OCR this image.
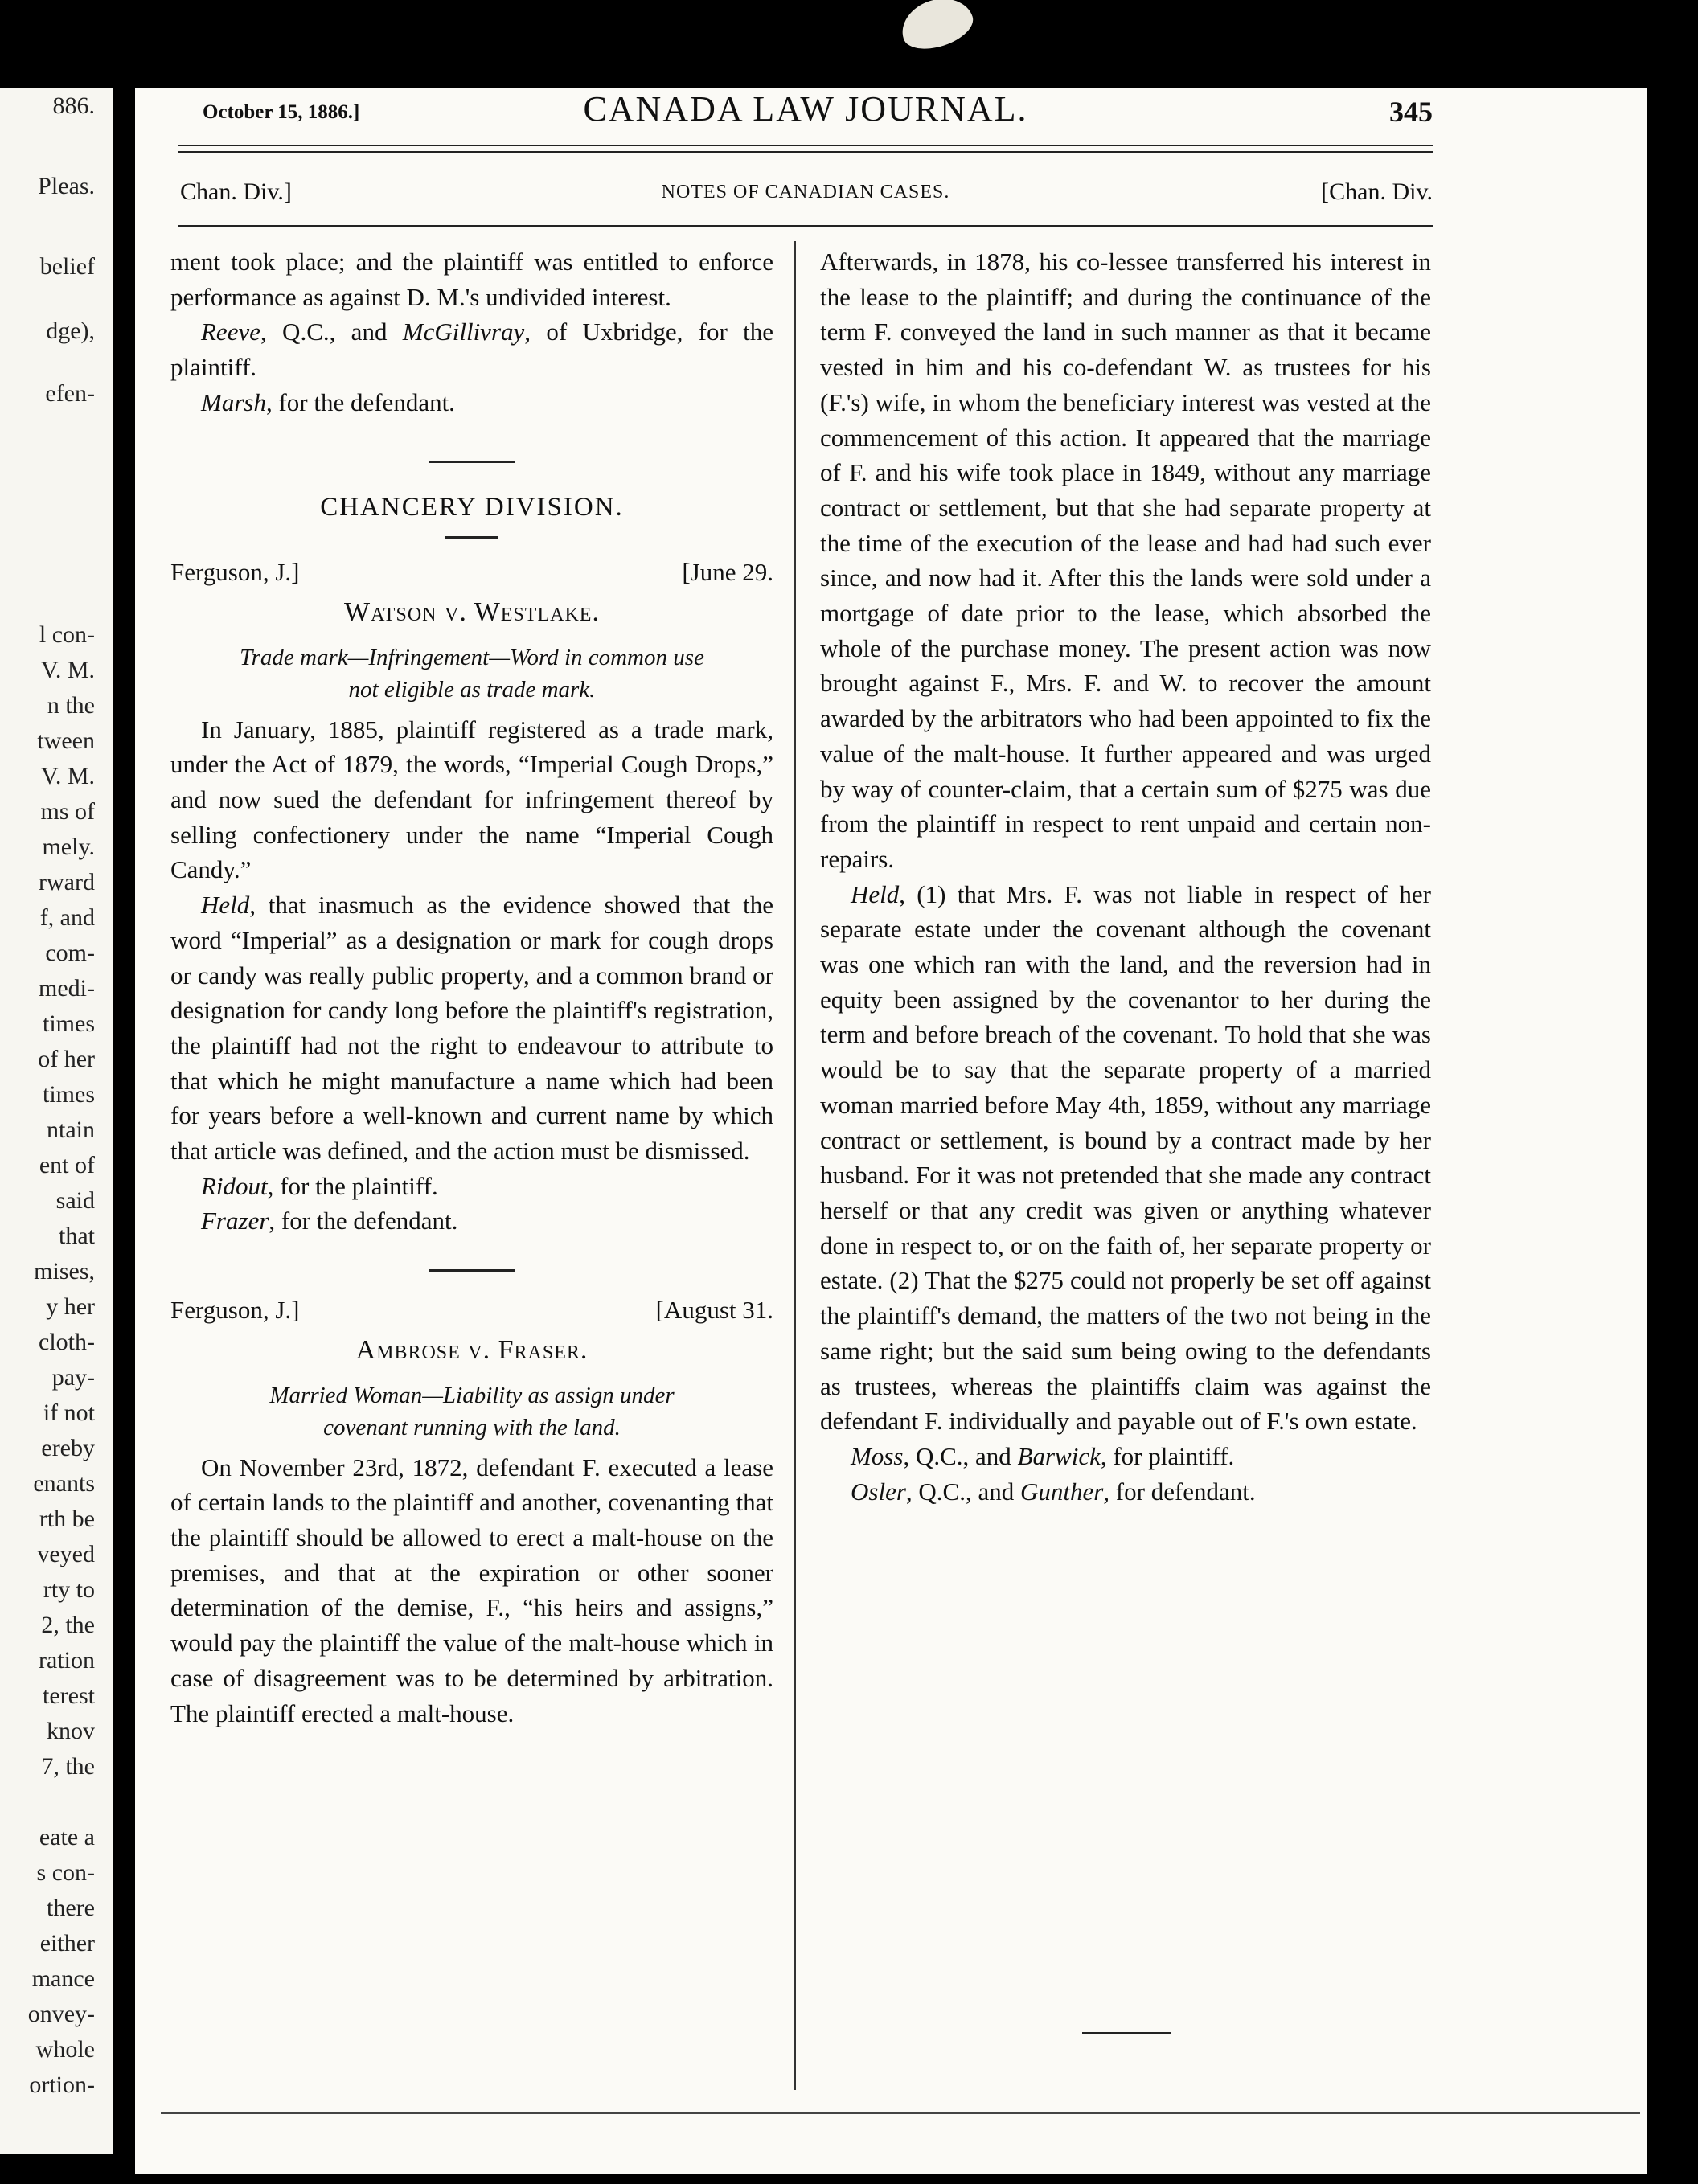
886.
Pleas.
belief
dge),
efen-
l con-
V. M.
n the
tween
V. M.
ms of
mely.
rward
f, and
com-
medi-
times
of her
times
ntain
ent of
said
that
mises,
y her
cloth-
pay-
if not
ereby
enants
rth be
veyed
rty to
2, the
ration
terest
knov
7, the
eate a
s con-
there
either
mance
onvey-
whole
ortion-
October 15, 1886.]	CANADA LAW JOURNAL.	345
Chan. Div.]	NOTES OF CANADIAN CASES.	[Chan. Div.

ment took place; and the plaintiff was entitled to enforce performance as against D. M.'s undivided interest.

Reeve, Q.C., and McGillivray, of Uxbridge, for the plaintiff.

Marsh, for the defendant.

CHANCERY DIVISION.
Ferguson, J.]	[June 29.
Watson v. Westlake.
Trade mark—Infringement—Word in common use
not eligible as trade mark.

In January, 1885, plaintiff registered as a trade mark, under the Act of 1879, the words, “Imperial Cough Drops,” and now sued the defendant for infringement thereof by selling confectionery under the name “Imperial Cough Candy.”

Held, that inasmuch as the evidence showed that the word “Imperial” as a designation or mark for cough drops or candy was really public property, and a common brand or designation for candy long before the plaintiff's registration, the plaintiff had not the right to endeavour to attribute to that which he might manufacture a name which had been for years before a well-known and current name by which that article was defined, and the action must be dismissed.

Ridout, for the plaintiff.

Frazer, for the defendant.

Ferguson, J.]	[August 31.
Ambrose v. Fraser.
Married Woman—Liability as assign under
covenant running with the land.

On November 23rd, 1872, defendant F. executed a lease of certain lands to the plaintiff and another, covenanting that the plaintiff should be allowed to erect a malt-house on the premises, and that at the expiration or other sooner determination of the demise, F., “his heirs and assigns,” would pay the plaintiff the value of the malt-house which in case of disagreement was to be determined by arbitration. The plaintiff erected a malt-house.

Afterwards, in 1878, his co-lessee transferred his interest in the lease to the plaintiff; and during the continuance of the term F. conveyed the land in such manner as that it became vested in him and his co-defendant W. as trustees for his (F.'s) wife, in whom the beneficiary interest was vested at the commencement of this action. It appeared that the marriage of F. and his wife took place in 1849, without any marriage contract or settlement, but that she had separate property at the time of the execution of the lease and had had such ever since, and now had it. After this the lands were sold under a mortgage of date prior to the lease, which absorbed the whole of the purchase money. The present action was now brought against F., Mrs. F. and W. to recover the amount awarded by the arbitrators who had been appointed to fix the value of the malt-house. It further appeared and was urged by way of counter-claim, that a certain sum of $275 was due from the plaintiff in respect to rent unpaid and certain non-repairs.

Held, (1) that Mrs. F. was not liable in respect of her separate estate under the covenant although the covenant was one which ran with the land, and the reversion had in equity been assigned by the covenantor to her during the term and before breach of the covenant. To hold that she was would be to say that the separate property of a married woman married before May 4th, 1859, without any marriage contract or settlement, is bound by a contract made by her husband. For it was not pretended that she made any contract herself or that any credit was given or anything whatever done in respect to, or on the faith of, her separate property or estate. (2) That the $275 could not properly be set off against the plaintiff's demand, the matters of the two not being in the same right; but the said sum being owing to the defendants as trustees, whereas the plaintiffs claim was against the defendant F. individually and payable out of F.'s own estate.

Moss, Q.C., and Barwick, for plaintiff.

Osler, Q.C., and Gunther, for defendant.
